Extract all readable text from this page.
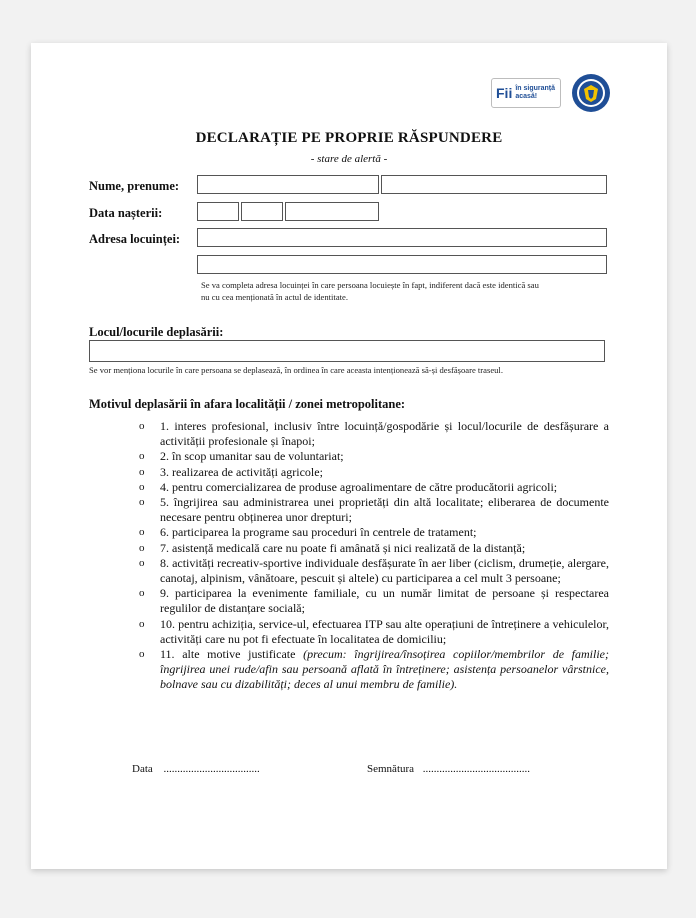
Fii în siguranță
acasă!
DECLARAȚIE PE PROPRIE RĂSPUNDERE
- stare de alertă -
Nume, prenume:
Data nașterii:
Adresa locuinței:
Se va completa adresa locuinței în care persoana locuiește în fapt, indiferent dacă este identică sau
nu cu cea menționată în actul de identitate.
Locul/locurile deplasării:
Se vor menționa locurile în care persoana se deplasează, în ordinea în care aceasta intenționează să-și desfășoare traseul.
Motivul deplasării în afara localității / zonei metropolitane:
o 1. interes profesional, inclusiv între locuință/gospodărie și locul/locurile de desfășurare a activității profesionale și înapoi;
o 2. în scop umanitar sau de voluntariat;
o 3. realizarea de activități agricole;
o 4. pentru comercializarea de produse agroalimentare de către producătorii agricoli;
o 5. îngrijirea sau administrarea unei proprietăți din altă localitate; eliberarea de documente necesare pentru obținerea unor drepturi;
o 6. participarea la programe sau proceduri în centrele de tratament;
o 7. asistență medicală care nu poate fi amânată și nici realizată de la distanță;
o 8. activități recreativ-sportive individuale desfășurate în aer liber (ciclism, drumeție, alergare, canotaj, alpinism, vânătoare, pescuit și altele) cu participarea a cel mult 3 persoane;
o 9. participarea la evenimente familiale, cu un număr limitat de persoane și respectarea regulilor de distanțare socială;
o 10. pentru achiziția, service-ul, efectuarea ITP sau alte operațiuni de întreținere a vehiculelor, activități care nu pot fi efectuate în localitatea de domiciliu;
o 11. alte motive justificate (precum: îngrijirea/însoțirea copiilor/membrilor de familie; îngrijirea unei rude/afin sau persoană aflată în întreținere; asistența persoanelor vârstnice, bolnave sau cu dizabilități; deces al unui membru de familie).
Data ...................................	Semnătura .......................................
